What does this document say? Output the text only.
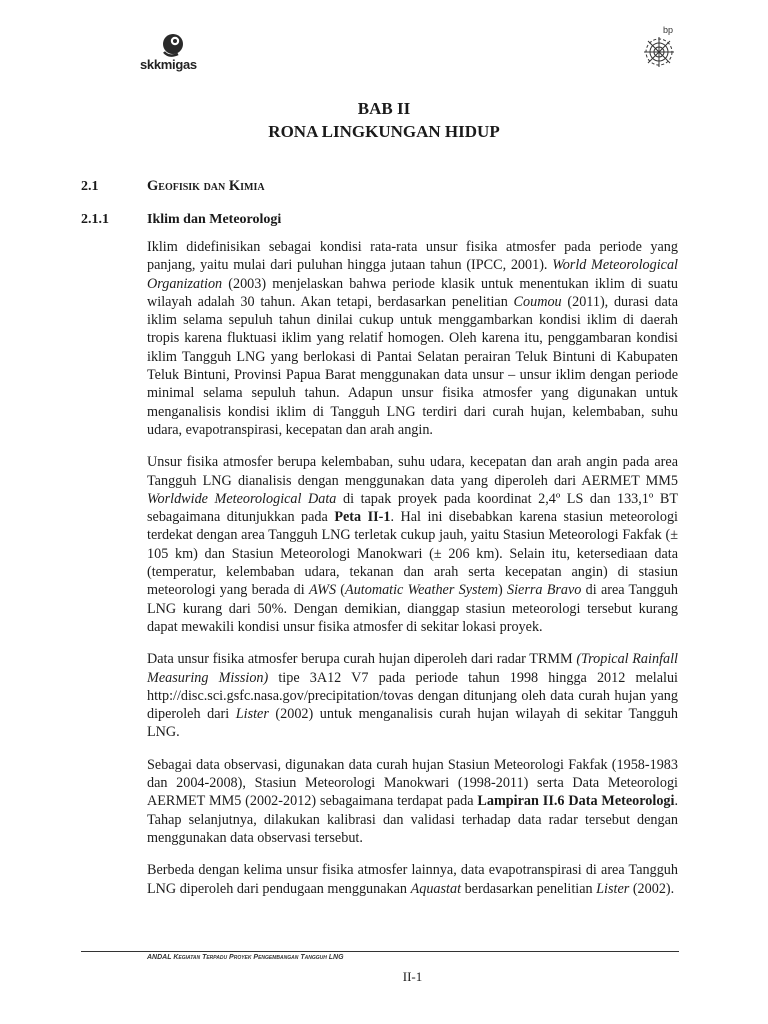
skkmigas
bp
BAB II
RONA LINGKUNGAN HIDUP
2.1	Geofisik dan Kimia
2.1.1	Iklim dan Meteorologi

Iklim didefinisikan sebagai kondisi rata-rata unsur fisika atmosfer pada periode yang panjang, yaitu mulai dari puluhan hingga jutaan tahun (IPCC, 2001). World Meteorological Organization (2003) menjelaskan bahwa periode klasik untuk menentukan iklim di suatu wilayah adalah 30 tahun. Akan tetapi, berdasarkan penelitian Coumou (2011), durasi data iklim selama sepuluh tahun dinilai cukup untuk menggambarkan kondisi iklim di daerah tropis karena fluktuasi iklim yang relatif homogen. Oleh karena itu, penggambaran kondisi iklim Tangguh LNG yang berlokasi di Pantai Selatan perairan Teluk Bintuni di Kabupaten Teluk Bintuni, Provinsi Papua Barat menggunakan data unsur – unsur iklim dengan periode minimal selama sepuluh tahun. Adapun unsur fisika atmosfer yang digunakan untuk menganalisis kondisi iklim di Tangguh LNG terdiri dari curah hujan, kelembaban, suhu udara, evapotranspirasi, kecepatan dan arah angin.

Unsur fisika atmosfer berupa kelembaban, suhu udara, kecepatan dan arah angin pada area Tangguh LNG dianalisis dengan menggunakan data yang diperoleh dari AERMET MM5 Worldwide Meteorological Data di tapak proyek pada koordinat 2,4º LS dan 133,1º BT sebagaimana ditunjukkan pada Peta II-1. Hal ini disebabkan karena stasiun meteorologi terdekat dengan area Tangguh LNG terletak cukup jauh, yaitu Stasiun Meteorologi Fakfak (± 105 km) dan Stasiun Meteorologi Manokwari (± 206 km). Selain itu, ketersediaan data (temperatur, kelembaban udara, tekanan dan arah serta kecepatan angin) di stasiun meteorologi yang berada di AWS (Automatic Weather System) Sierra Bravo di area Tangguh LNG kurang dari 50%. Dengan demikian, dianggap stasiun meteorologi tersebut kurang dapat mewakili kondisi unsur fisika atmosfer di sekitar lokasi proyek.

Data unsur fisika atmosfer berupa curah hujan diperoleh dari radar TRMM (Tropical Rainfall Measuring Mission) tipe 3A12 V7 pada periode tahun 1998 hingga 2012 melalui http://disc.sci.gsfc.nasa.gov/precipitation/tovas dengan ditunjang oleh data curah hujan yang diperoleh dari Lister (2002) untuk menganalisis curah hujan wilayah di sekitar Tangguh LNG.

Sebagai data observasi, digunakan data curah hujan Stasiun Meteorologi Fakfak (1958-1983 dan 2004-2008), Stasiun Meteorologi Manokwari (1998-2011) serta Data Meteorologi AERMET MM5 (2002-2012) sebagaimana terdapat pada Lampiran II.6 Data Meteorologi. Tahap selanjutnya, dilakukan kalibrasi dan validasi terhadap data radar tersebut dengan menggunakan data observasi tersebut.

Berbeda dengan kelima unsur fisika atmosfer lainnya, data evapotranspirasi di area Tangguh LNG diperoleh dari pendugaan menggunakan Aquastat berdasarkan penelitian Lister (2002).

ANDAL Kegiatan Terpadu Proyek Pengembangan Tangguh LNG
II-1
